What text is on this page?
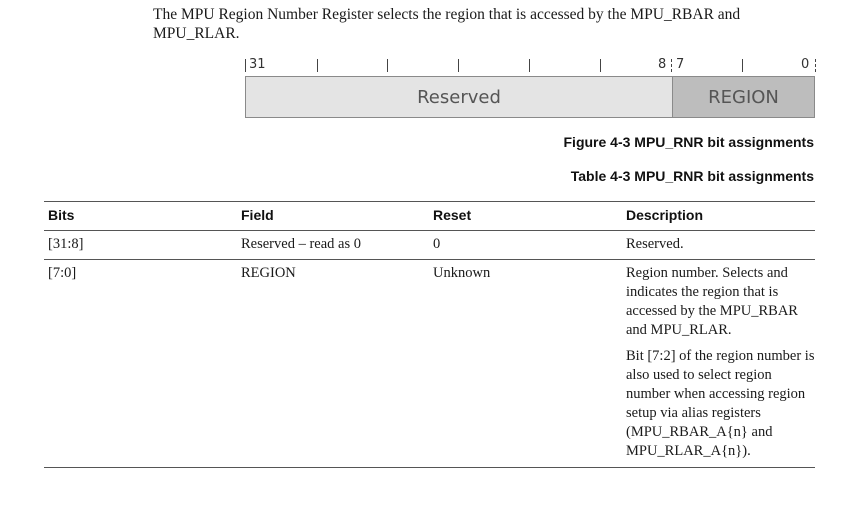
The MPU Region Number Register selects the region that is accessed by the MPU_RBAR and MPU_RLAR.

31	8 7	0
Reserved	REGION
Figure 4-3 MPU_RNR bit assignments
Table 4-3 MPU_RNR bit assignments
Bits	Field	Reset	Description
[31:8]	Reserved – read as 0	0	Reserved.

[7:0]	REGION	Unknown	Region number. Selects and indicates the region that is accessed by the MPU_RBAR and MPU_RLAR.

Bit [7:2] of the region number is also used to select region number when accessing region setup via alias registers (MPU_RBAR_A{n} and MPU_RLAR_A{n}).
